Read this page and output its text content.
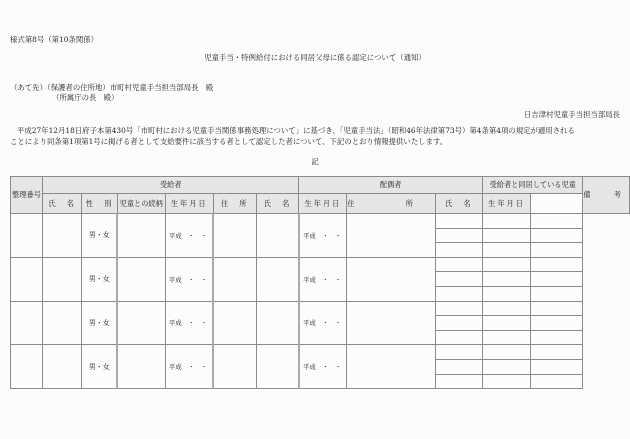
様式第8号（第10条関係）
児童手当・特例給付における同居父母に係る認定について（通知）
（あて先）（保護者の住所地）市町村児童手当担当部局長　殿
（所属庁の長　殿）
日吉津村児童手当担当部局長
平成27年12月18日府子本第430号「市町村における児童手当関係事務処理について」に基づき、「児童手当法」（昭和46年法律第73号）第4条第4項の規定が適用される
ことにより同条第1項第1号に掲げる者として支給要件に該当する者として認定した者について、下記のとおり情報提供いたします。
記
整理番号	受給者						配偶者			受給者と同居している児童		備　考
	氏　名	性　別	児童との続柄	生年月日	住　所	氏　名	生年月日	住　所	氏　名	生年月日		
		男・女		平成　・　・			平成　・　・					

		男・女		平成　・　・			平成　・　・					

		男・女		平成　・　・			平成　・　・					

		男・女		平成　・　・			平成　・　・					
